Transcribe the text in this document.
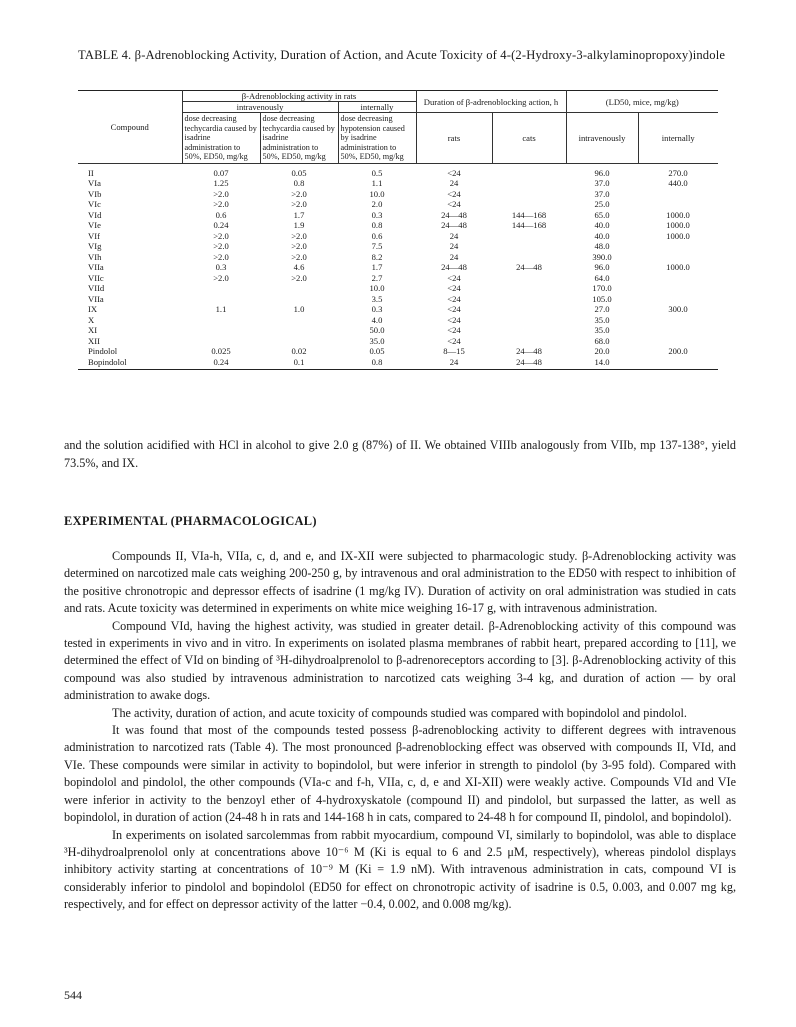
TABLE 4. β-Adrenoblocking Activity, Duration of Action, and Acute Toxicity of 4-(2-Hydroxy-3-alkylaminopropoxy)indole
Compound	β-Adrenoblocking activity in rats			Duration of β-adrenoblocking action, h		(LD50, mice, mg/kg)	
	intravenously		internally				
	dose decreasing techycardia caused by isadrine administration to 50%, ED50, mg/kg	dose decreasing techycardia caused by isadrine administration to 50%, ED50, mg/kg	dose decreasing hypotension caused by isadrine administration to 50%, ED50, mg/kg	rats	cats	intravenously	internally
II	0.07	0.05	0.5	<24		96.0	270.0
VIa	1.25	0.8	1.1	24		37.0	440.0
VIb	>2.0	>2.0	10.0	<24		37.0	
VIc	>2.0	>2.0	2.0	<24		25.0	
VId	0.6	1.7	0.3	24—48	144—168	65.0	1000.0
VIe	0.24	1.9	0.8	24—48	144—168	40.0	1000.0
VIf	>2.0	>2.0	0.6	24		40.0	1000.0
VIg	>2.0	>2.0	7.5	24		48.0	
VIh	>2.0	>2.0	8.2	24		390.0	
VIIa	0.3	4.6	1.7	24—48	24—48	96.0	1000.0
VIIc	>2.0	>2.0	2.7	<24		64.0	
VIId			10.0	<24		170.0	
VIIa			3.5	<24		105.0	
IX	1.1	1.0	0.3	<24		27.0	300.0
X			4.0	<24		35.0	
XI			50.0	<24		35.0	
XII			35.0	<24		68.0	
Pindolol	0.025	0.02	0.05	8—15	24—48	20.0	200.0
Bopindolol	0.24	0.1	0.8	24	24—48	14.0	
and the solution acidified with HCl in alcohol to give 2.0 g (87%) of II. We obtained VIIIb analogously from VIIb, mp 137-138°, yield 73.5%, and IX.
EXPERIMENTAL (PHARMACOLOGICAL)

Compounds II, VIa-h, VIIa, c, d, and e, and IX-XII were subjected to pharmacologic study. β-Adrenoblocking activity was determined on narcotized male cats weighing 200-250 g, by intravenous and oral administration to the ED50 with respect to inhibition of the positive chronotropic and depressor effects of isadrine (1 mg/kg IV). Duration of activity on oral administration was studied in cats and rats. Acute toxicity was determined in experiments on white mice weighing 16-17 g, with intravenous administration.

Compound VId, having the highest activity, was studied in greater detail. β-Adrenoblocking activity of this compound was tested in experiments in vivo and in vitro. In experiments on isolated plasma membranes of rabbit heart, prepared according to [11], we determined the effect of VId on binding of ³H-dihydroalprenolol to β-adrenoreceptors according to [3]. β-Adrenoblocking activity of this compound was also studied by intravenous administration to narcotized cats weighing 3-4 kg, and duration of action — by oral administration to awake dogs.

The activity, duration of action, and acute toxicity of compounds studied was compared with bopindolol and pindolol.

It was found that most of the compounds tested possess β-adrenoblocking activity to different degrees with intravenous administration to narcotized rats (Table 4). The most pronounced β-adrenoblocking effect was observed with compounds II, VId, and VIe. These compounds were similar in activity to bopindolol, but were inferior in strength to pindolol (by 3-95 fold). Compared with bopindolol and pindolol, the other compounds (VIa-c and f-h, VIIa, c, d, e and XI-XII) were weakly active. Compounds VId and VIe were inferior in activity to the benzoyl ether of 4-hydroxyskatole (compound II) and pindolol, but surpassed the latter, as well as bopindolol, in duration of action (24-48 h in rats and 144-168 h in cats, compared to 24-48 h for compound II, pindolol, and bopindolol).

In experiments on isolated sarcolemmas from rabbit myocardium, compound VI, similarly to bopindolol, was able to displace ³H-dihydroalprenolol only at concentrations above 10⁻⁶ M (Ki is equal to 6 and 2.5 μM, respectively), whereas pindolol displays inhibitory activity starting at concentrations of 10⁻⁹ M (Ki = 1.9 nM). With intravenous administration in cats, compound VI is considerably inferior to pindolol and bopindolol (ED50 for effect on chronotropic activity of isadrine is 0.5, 0.003, and 0.007 mg kg, respectively, and for effect on depressor activity of the latter −0.4, 0.002, and 0.008 mg/kg).

544
